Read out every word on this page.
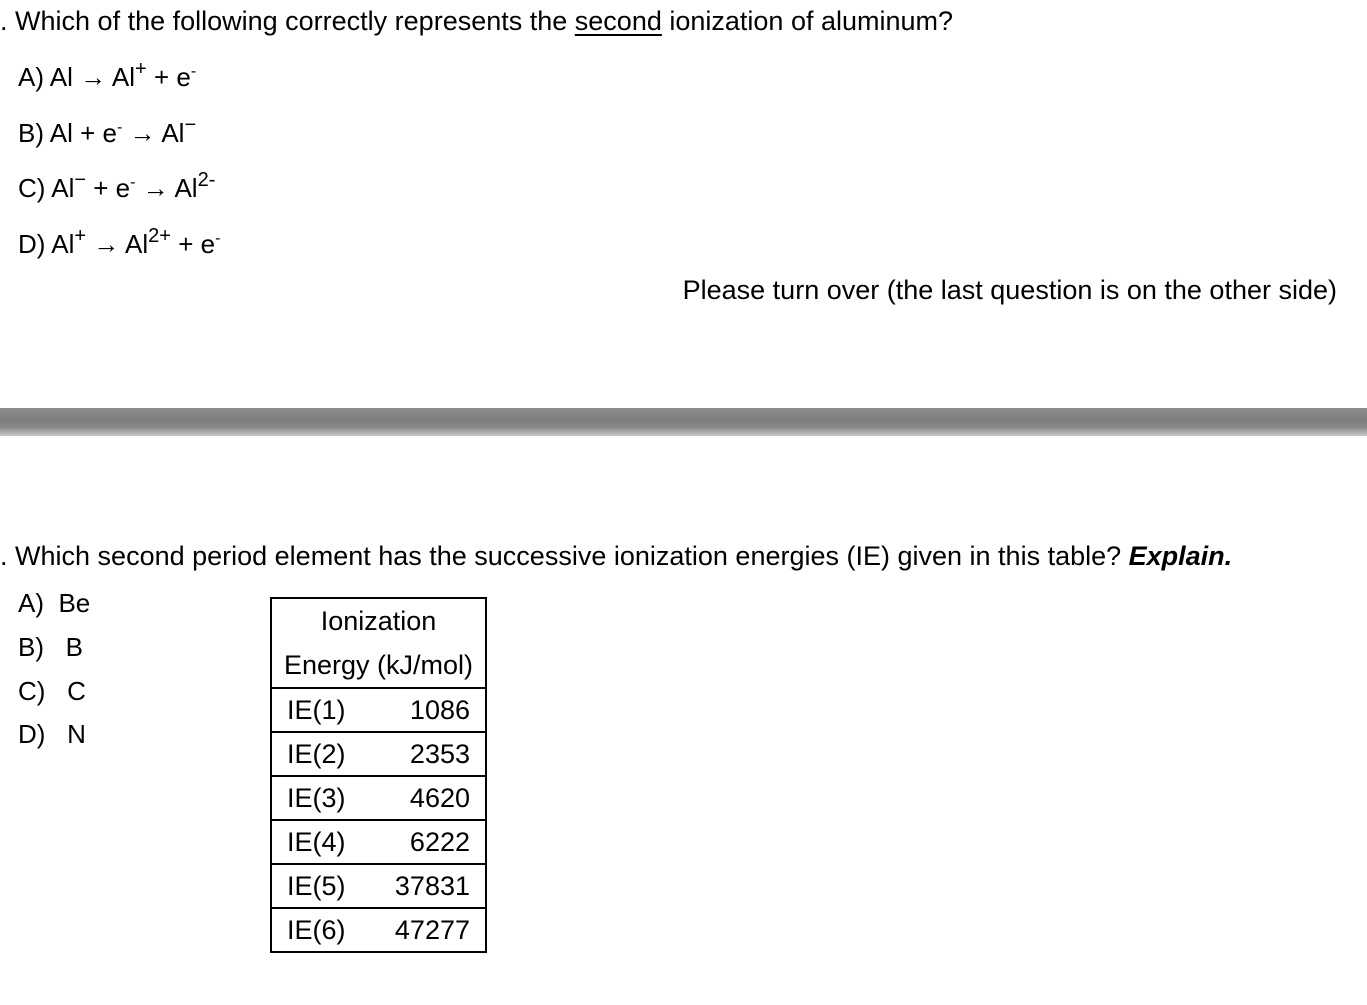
. Which of the following correctly represents the second ionization of aluminum?
A) Al → Al+ + e-
B) Al + e- → Al−
C) $Al^- + e^- \to Al^{2-}$
D) $Al^+ \to Al^{2+} + e^-$
Please turn over (the last question is on the other side)
. Which second period element has the successive ionization energies (IE) given in this table? Explain.
A) Be
B) B
C) C
D) N
Ionization
Energy (kJ/mol)	

IE(1)	1086
IE(2)	2353
IE(3)	4620
IE(4)	6222
IE(5)	37831
IE(6)	47277
